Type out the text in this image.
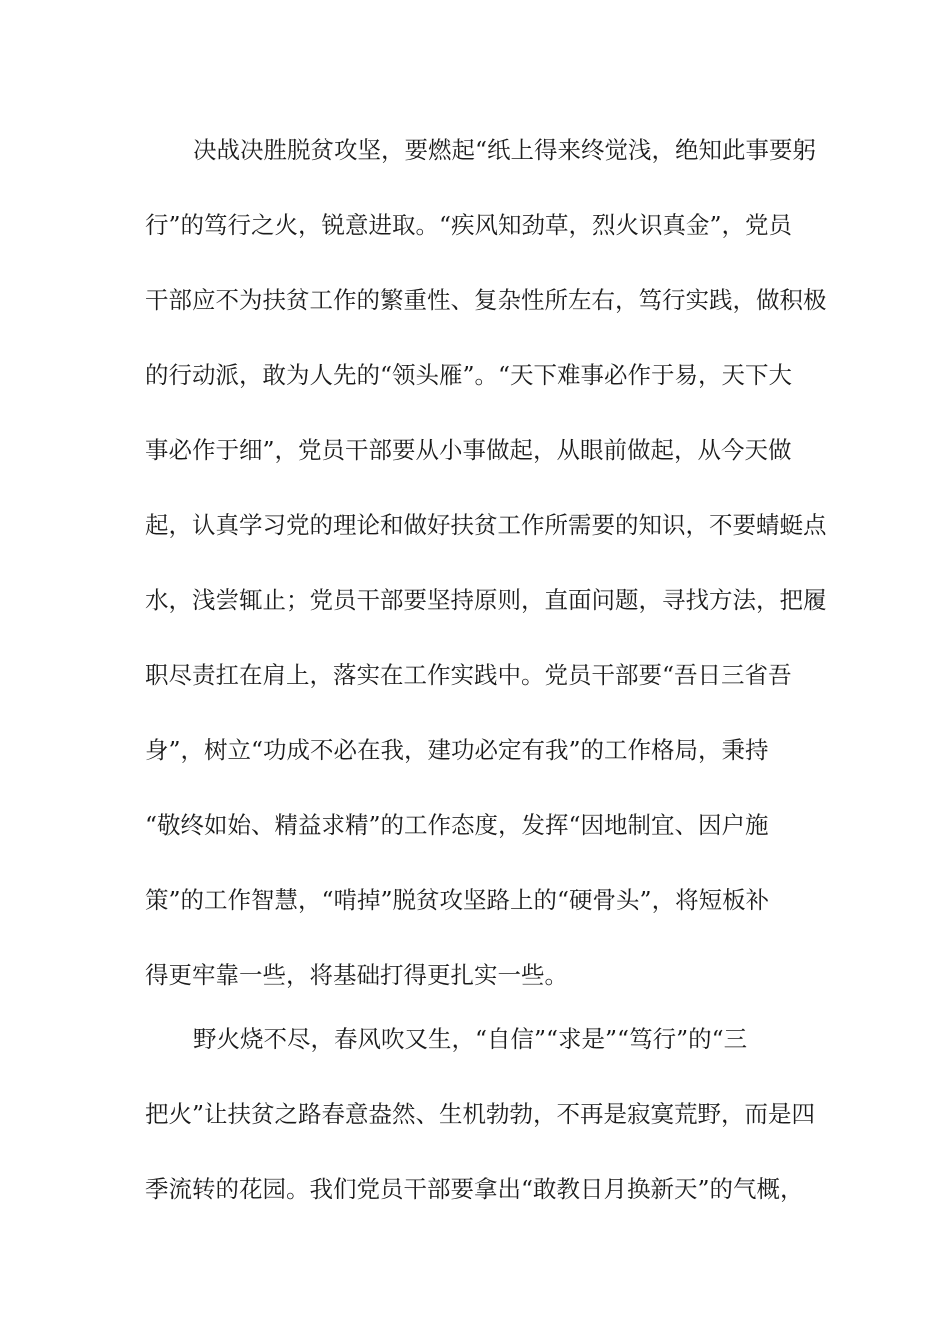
决战决胜脱贫攻坚，要燃起“纸上得来终觉浅，绝知此事要躬
行”的笃行之火，锐意进取。“疾风知劲草，烈火识真金”，党员
干部应不为扶贫工作的繁重性、复杂性所左右，笃行实践，做积极
的行动派，敢为人先的“领头雁”。“天下难事必作于易，天下大
事必作于细”，党员干部要从小事做起，从眼前做起，从今天做
起，认真学习党的理论和做好扶贫工作所需要的知识，不要蜻蜓点
水，浅尝辄止；党员干部要坚持原则，直面问题，寻找方法，把履
职尽责扛在肩上，落实在工作实践中。党员干部要“吾日三省吾
身”，树立“功成不必在我，建功必定有我”的工作格局，秉持
“敬终如始、精益求精”的工作态度，发挥“因地制宜、因户施
策”的工作智慧，“啃掉”脱贫攻坚路上的“硬骨头”，将短板补
得更牢靠一些，将基础打得更扎实一些。
野火烧不尽，春风吹又生，“自信”“求是”“笃行”的“三
把火”让扶贫之路春意盎然、生机勃勃，不再是寂寞荒野，而是四
季流转的花园。我们党员干部要拿出“敢教日月换新天”的气概，
